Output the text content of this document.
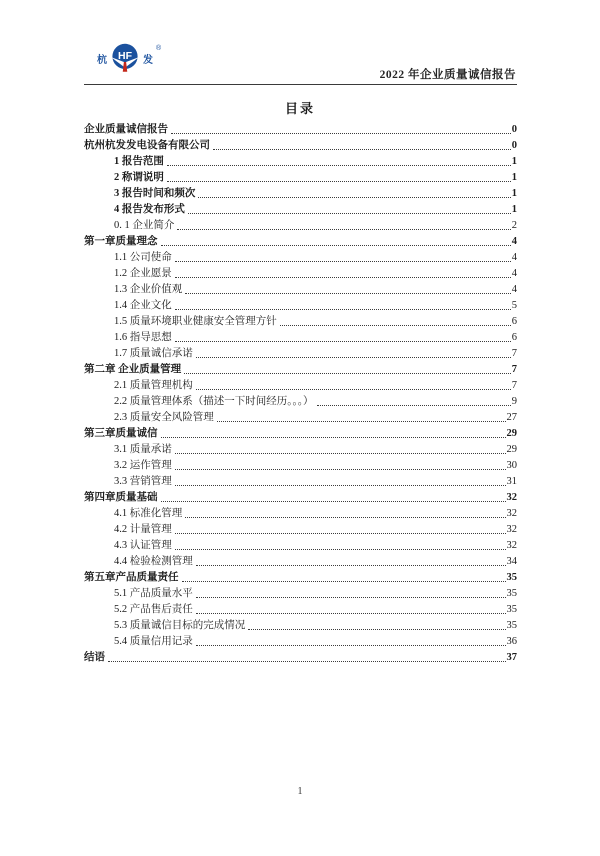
杭 HF 发
®
2022 年企业质量诚信报告
目录
企业质量诚信报告	0
杭州杭发发电设备有限公司	0
1 报告范围	1
2 称谓说明	1
3 报告时间和频次	1
4 报告发布形式	1
0. 1 企业简介	2
第一章质量理念	4
1.1 公司使命	4
1.2 企业愿景	4
1.3 企业价值观	4
1.4 企业文化	5
1.5 质量环境职业健康安全管理方针	6
1.6 指导思想	6
1.7 质量诚信承诺	7
第二章 企业质量管理	7
2.1 质量管理机构	7
2.2 质量管理体系（描述一下时间经历。。。）	9
2.3 质量安全风险管理	27
第三章质量诚信	29
3.1 质量承诺	29
3.2 运作管理	30
3.3 营销管理	31
第四章质量基础	32
4.1 标准化管理	32
4.2 计量管理	32
4.3 认证管理	32
4.4 检验检测管理	34
第五章产品质量责任	35
5.1 产品质量水平	35
5.2 产品售后责任	35
5.3 质量诚信目标的完成情况	35
5.4 质量信用记录	36
结语	37
1
